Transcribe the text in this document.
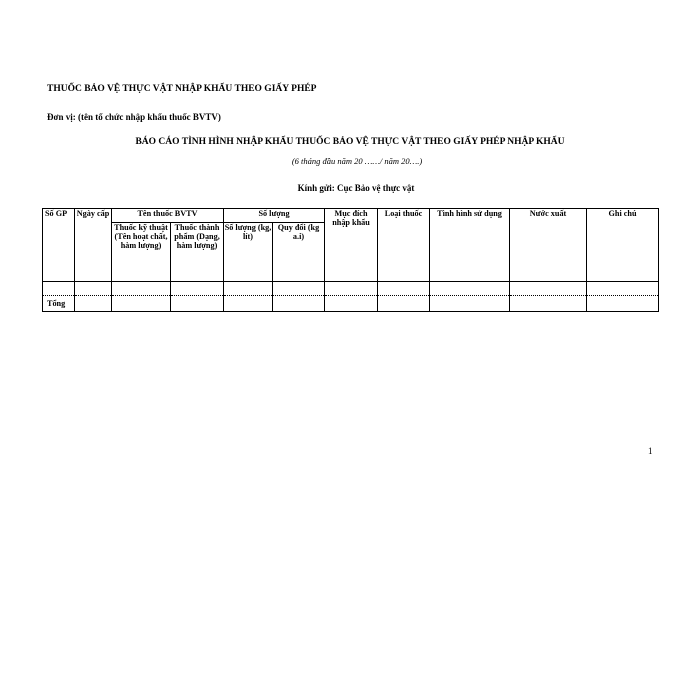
THUỐC BẢO VỆ THỰC VẬT NHẬP KHẨU THEO GIẤY PHÉP
Đơn vị: (tên tổ chức nhập khẩu thuốc BVTV)
BÁO CÁO TÌNH HÌNH NHẬP KHẨU THUỐC BẢO VỆ THỰC VẬT THEO GIẤY PHÉP NHẬP KHẨU
(6 tháng đầu năm 20 ……/ năm 20….)
Kính gửi: Cục Bảo vệ thực vật
Số GP	Ngày cấp	Tên thuốc BVTV		Số lượng		Mục đích nhập khẩu	Loại thuốc	Tình hình sử dụng	Nước xuất	Ghi chú
		Thuốc kỹ thuật (Tên hoạt chất, hàm lượng)	Thuốc thành phẩm (Dạng, hàm lượng)	Số lượng (kg, lít)	Quy đổi (kg a.i)					

Tổng										
1
